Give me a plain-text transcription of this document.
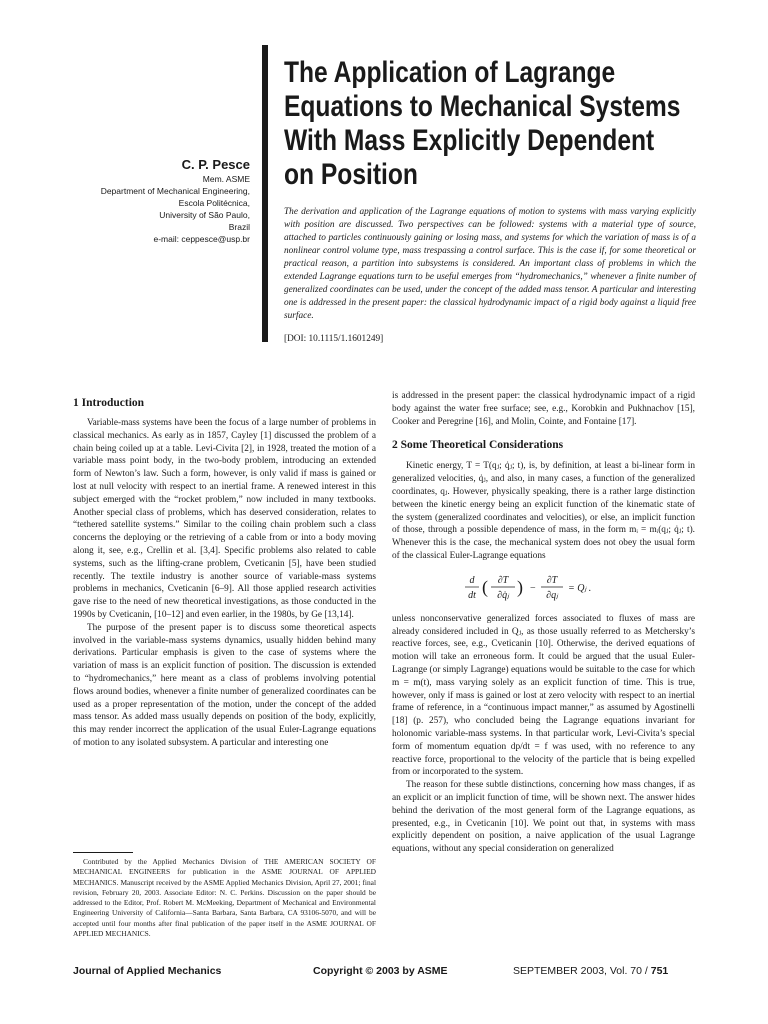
The Application of Lagrange
Equations to Mechanical Systems
With Mass Explicitly Dependent
on Position
C. P. Pesce
Mem. ASME
Department of Mechanical Engineering,
Escola Politécnica,
University of São Paulo,
Brazil
e-mail: ceppesce@usp.br
The derivation and application of the Lagrange equations of motion to systems with mass varying explicitly with position are discussed. Two perspectives can be followed: systems with a material type of source, attached to particles continuously gaining or losing mass, and systems for which the variation of mass is of a nonlinear control volume type, mass trespassing a control surface. This is the case if, for some theoretical or practical reason, a partition into subsystems is considered. An important class of problems in which the extended Lagrange equations turn to be useful emerges from “hydromechanics,” whenever a finite number of generalized coordinates can be used, under the concept of the added mass tensor. A particular and interesting one is addressed in the present paper: the classical hydrodynamic impact of a rigid body against a liquid free surface.
[DOI: 10.1115/1.1601249]
1 Introduction

Variable-mass systems have been the focus of a large number of problems in classical mechanics. As early as in 1857, Cayley [1] discussed the problem of a chain being coiled up at a table. Levi-Civita [2], in 1928, treated the motion of a variable mass point body, in the two-body problem, introducing an extended form of Newton’s law. Such a form, however, is only valid if mass is gained or lost at null velocity with respect to an inertial frame. A renewed interest in this subject emerged with the “rocket problem,” now included in many textbooks. Another special class of problems, which has deserved consideration, relates to “tethered satellite systems.” Similar to the coiling chain problem such a class concerns the deploying or the retrieving of a cable from or into a body moving along it, see, e.g., Crellin et al. [3,4]. Specific problems also related to cable systems, such as the lifting-crane problem, Cveticanin [5], have been studied recently. The textile industry is another source of variable-mass systems problems in mechanics, Cveticanin [6–9]. All those applied research activities gave rise to the need of new theoretical investigations, as those conducted in the 1990s by Cveticanin, [10–12] and even earlier, in the 1980s, by Ge [13,14].

The purpose of the present paper is to discuss some theoretical aspects involved in the variable-mass systems dynamics, usually hidden behind many derivations. Particular emphasis is given to the case of systems where the variation of mass is an explicit function of position. The discussion is extended to “hydromechanics,” here meant as a class of problems involving potential flows around bodies, whenever a finite number of generalized coordinates can be used as a proper representation of the motion, under the concept of the added mass tensor. As added mass usually depends on position of the body, explicitly, this may render incorrect the application of the usual Euler-Lagrange equations of motion to any isolated subsystem. A particular and interesting one

is addressed in the present paper: the classical hydrodynamic impact of a rigid body against the water free surface; see, e.g., Korobkin and Pukhnachov [15], Cooker and Peregrine [16], and Molin, Cointe, and Fontaine [17].

2 Some Theoretical Considerations

Kinetic energy, T = T(qⱼ; q̇ⱼ; t), is, by definition, at least a bi-linear form in generalized velocities, q̇ⱼ, and also, in many cases, a function of the generalized coordinates, qⱼ. However, physically speaking, there is a rather large distinction between the kinetic energy being an explicit function of the kinematic state of the system (generalized coordinates and velocities), or else, an implicit function of those, through a possible dependence of mass, in the form mᵢ = mᵢ(qⱼ; q̇ⱼ; t). Whenever this is the case, the mechanical system does not obey the usual form of the classical Euler-Lagrange equations

d
dt ( ∂T
∂q̇ⱼ ) −
∂T
∂qⱼ
= Qⱼ .

unless nonconservative generalized forces associated to fluxes of mass are already considered included in Qⱼ, as those usually referred to as Metchersky’s reactive forces, see, e.g., Cveticanin [10]. Otherwise, the derived equations of motion will take an erroneous form. It could be argued that the usual Euler-Lagrange (or simply Lagrange) equations would be suitable to the case for which m = m(t), mass varying solely as an explicit function of time. This is true, however, only if mass is gained or lost at zero velocity with respect to an inertial frame of reference, in a “continuous impact manner,” as assumed by Agostinelli [18] (p. 257), who concluded being the Lagrange equations invariant for holonomic variable-mass systems. In that particular work, Levi-Civita’s special form of momentum equation dp/dt = f was used, with no reference to any reactive force, proportional to the velocity of the particle that is being expelled from or incorporated to the system.

The reason for these subtle distinctions, concerning how mass changes, if as an explicit or an implicit function of time, will be shown next. The answer hides behind the derivation of the most general form of the Lagrange equations, as presented, e.g., in Cveticanin [10]. We point out that, in systems with mass explicitly dependent on position, a naive application of the usual Lagrange equations, without any special consideration on generalized

Contributed by the Applied Mechanics Division of THE AMERICAN SOCIETY OF MECHANICAL ENGINEERS for publication in the ASME JOURNAL OF APPLIED MECHANICS. Manuscript received by the ASME Applied Mechanics Division, April 27, 2001; final revision, February 20, 2003. Associate Editor: N. C. Perkins. Discussion on the paper should be addressed to the Editor, Prof. Robert M. McMeeking, Department of Mechanical and Environmental Engineering University of California—Santa Barbara, Santa Barbara, CA 93106-5070, and will be accepted until four months after final publication of the paper itself in the ASME JOURNAL OF APPLIED MECHANICS.

Journal of Applied Mechanics	Copyright © 2003 by ASME	SEPTEMBER 2003, Vol. 70 / 751
